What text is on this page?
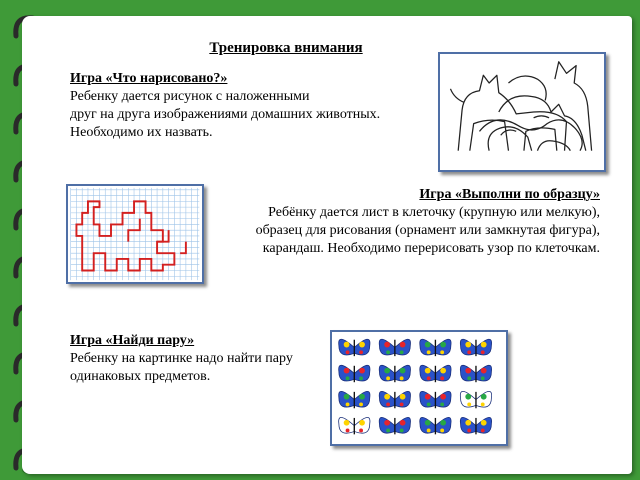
Тренировка внимания
Игра «Что нарисовано?»
Ребенку дается рисунок с наложенными
друг на друга изображениями домашних животных.
Необходимо их назвать.
Игра «Выполни по образцу»
Ребёнку дается лист в клеточку (крупную или мелкую),
образец для рисования (орнамент или замкнутая фигура),
карандаш. Необходимо перерисовать узор по клеточкам.
Игра «Найди пару»
Ребенку на картинке надо найти пару
одинаковых предметов.
